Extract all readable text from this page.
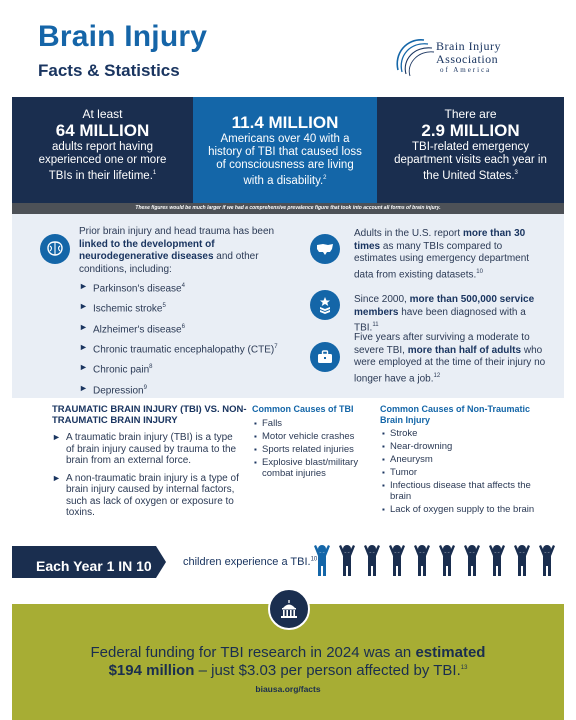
Brain Injury
Facts & Statistics
Brain Injury
Association
of America
At least
64 MILLION
adults report having experienced one or more TBIs in their lifetime.$^1$
11.4 MILLION
Americans over 40 with a history of TBI that caused loss of consciousness are living with a disability.$^2$
There are
2.9 MILLION
TBI-related emergency department visits each year in the United States.$^3$
These figures would be much larger if we had a comprehensive prevalence figure that took into account all forms of brain injury.
Prior brain injury and head trauma has been linked to the development of neurodegenerative diseases and other conditions, including:
► Parkinson's disease$^4$
► Ischemic stroke$^5$
► Alzheimer's disease$^6$
► Chronic traumatic encephalopathy (CTE)$^7$
► Chronic pain$^8$
► Depression$^9$
Adults in the U.S. report more than 30 times as many TBIs compared to estimates using emergency department data from existing datasets.$^{10}$
Since 2000, more than 500,000 service members have been diagnosed with a TBI.$^{11}$
Five years after surviving a moderate to severe TBI, more than half of adults who were employed at the time of their injury no longer have a job.$^{12}$
TRAUMATIC BRAIN INJURY (TBI) VS. NON-TRAUMATIC BRAIN INJURY
► A traumatic brain injury (TBI) is a type of brain injury caused by trauma to the brain from an external force.
► A non-traumatic brain injury is a type of brain injury caused by internal factors, such as lack of oxygen or exposure to toxins.
Common Causes of TBI
▪ Falls
▪ Motor vehicle crashes
▪ Sports related injuries
▪ Explosive blast/military combat injuries
Common Causes of Non-Traumatic Brain Injury
▪ Stroke
▪ Near-drowning
▪ Aneurysm
▪ Tumor
▪ Infectious disease that affects the brain
▪ Lack of oxygen supply to the brain
Each Year 1 IN 10	children experience a TBI.$^{10}$
Federal funding for TBI research in 2024 was an estimated
$194 million – just $3.03 per person affected by TBI.$^{13}$
biausa.org/facts
